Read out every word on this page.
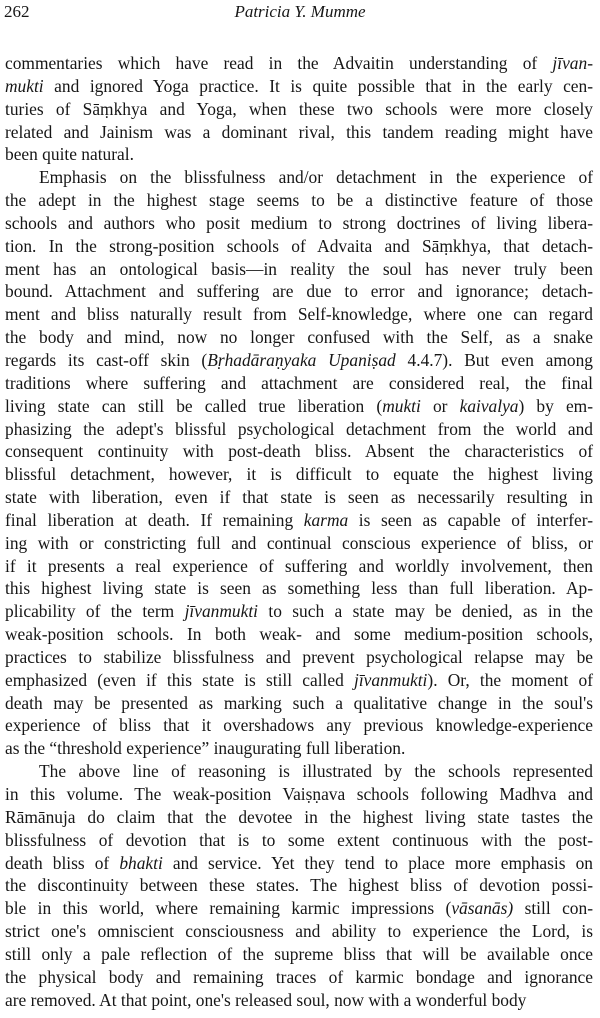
262	Patricia Y. Mumme
commentaries which have read in the Advaitin understanding of jīvan-
mukti and ignored Yoga practice. It is quite possible that in the early cen-
turies of Sāṃkhya and Yoga, when these two schools were more closely
related and Jainism was a dominant rival, this tandem reading might have
been quite natural.
Emphasis on the blissfulness and/or detachment in the experience of
the adept in the highest stage seems to be a distinctive feature of those
schools and authors who posit medium to strong doctrines of living libera-
tion. In the strong-position schools of Advaita and Sāṃkhya, that detach-
ment has an ontological basis—in reality the soul has never truly been
bound. Attachment and suffering are due to error and ignorance; detach-
ment and bliss naturally result from Self-knowledge, where one can regard
the body and mind, now no longer confused with the Self, as a snake
regards its cast-off skin (Bṛhadāraṇyaka Upaniṣad 4.4.7). But even among
traditions where suffering and attachment are considered real, the final
living state can still be called true liberation (mukti or kaivalya) by em-
phasizing the adept's blissful psychological detachment from the world and
consequent continuity with post-death bliss. Absent the characteristics of
blissful detachment, however, it is difficult to equate the highest living
state with liberation, even if that state is seen as necessarily resulting in
final liberation at death. If remaining karma is seen as capable of interfer-
ing with or constricting full and continual conscious experience of bliss, or
if it presents a real experience of suffering and worldly involvement, then
this highest living state is seen as something less than full liberation. Ap-
plicability of the term jīvanmukti to such a state may be denied, as in the
weak-position schools. In both weak- and some medium-position schools,
practices to stabilize blissfulness and prevent psychological relapse may be
emphasized (even if this state is still called jīvanmukti). Or, the moment of
death may be presented as marking such a qualitative change in the soul's
experience of bliss that it overshadows any previous knowledge-experience
as the “threshold experience” inaugurating full liberation.
The above line of reasoning is illustrated by the schools represented
in this volume. The weak-position Vaiṣṇava schools following Madhva and
Rāmānuja do claim that the devotee in the highest living state tastes the
blissfulness of devotion that is to some extent continuous with the post-
death bliss of bhakti and service. Yet they tend to place more emphasis on
the discontinuity between these states. The highest bliss of devotion possi-
ble in this world, where remaining karmic impressions (vāsanās) still con-
strict one's omniscient consciousness and ability to experience the Lord, is
still only a pale reflection of the supreme bliss that will be available once
the physical body and remaining traces of karmic bondage and ignorance
are removed. At that point, one's released soul, now with a wonderful body
